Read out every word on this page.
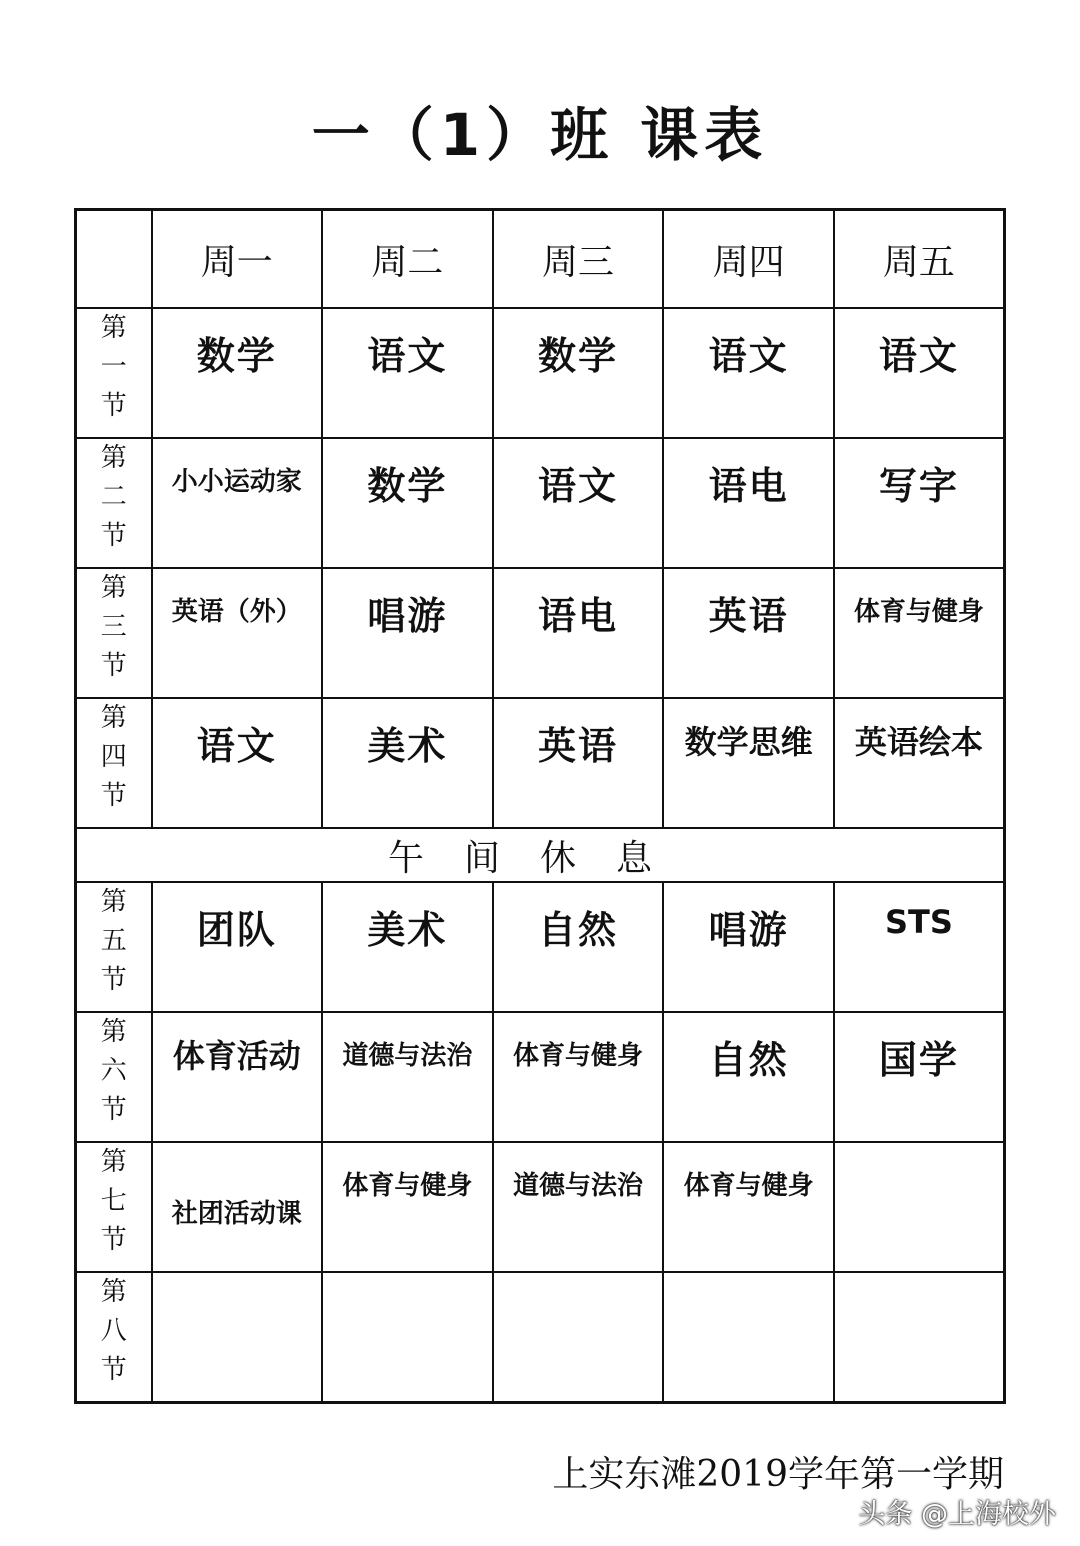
一（1）班 课表
	周一	周二	周三	周四	周五

第
一
节	数学	语文	数学	语文	语文

第
二
节	小小运动家	数学	语文	语电	写字

第
三
节	英语（外）	唱游	语电	英语	体育与健身

第
四
节	语文	美术	英语	数学思维	英语绘本

午间休息					

第
五
节	团队	美术	自然	唱游	STS

第
六
节	体育活动	道德与法治	体育与健身	自然	国学

第
七
节	社团活动课	体育与健身	道德与法治	体育与健身	

第
八
节					

上实东滩2019学年第一学期
头条 @上海校外
